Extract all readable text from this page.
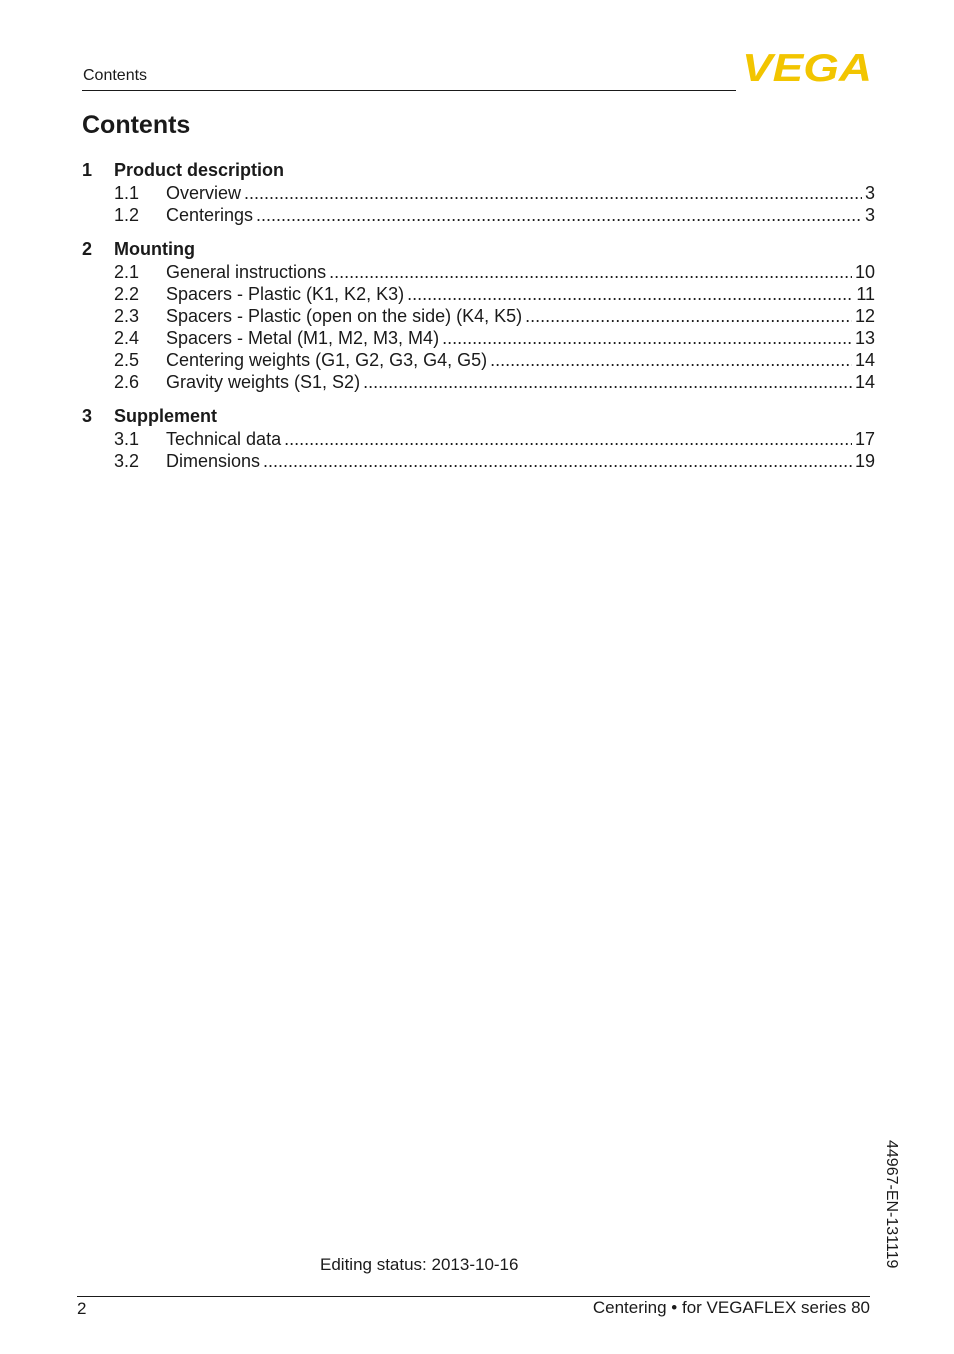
Contents	VEGA
Contents
1	Product description
1.1	Overview .....	3
1.2	Centerings .....	3
2	Mounting
2.1	General instructions .....	10
2.2	Spacers - Plastic (K1, K2, K3) .....	11
2.3	Spacers - Plastic (open on the side) (K4, K5) .....	12
2.4	Spacers - Metal (M1, M2, M3, M4) .....	13
2.5	Centering weights (G1, G2, G3, G4, G5) .....	14
2.6	Gravity weights (S1, S2) .....	14
3	Supplement
3.1	Technical data .....	17
3.2	Dimensions .....	19
44967-EN-131119
Editing status: 2013-10-16
2	Centering • for VEGAFLEX series 80
